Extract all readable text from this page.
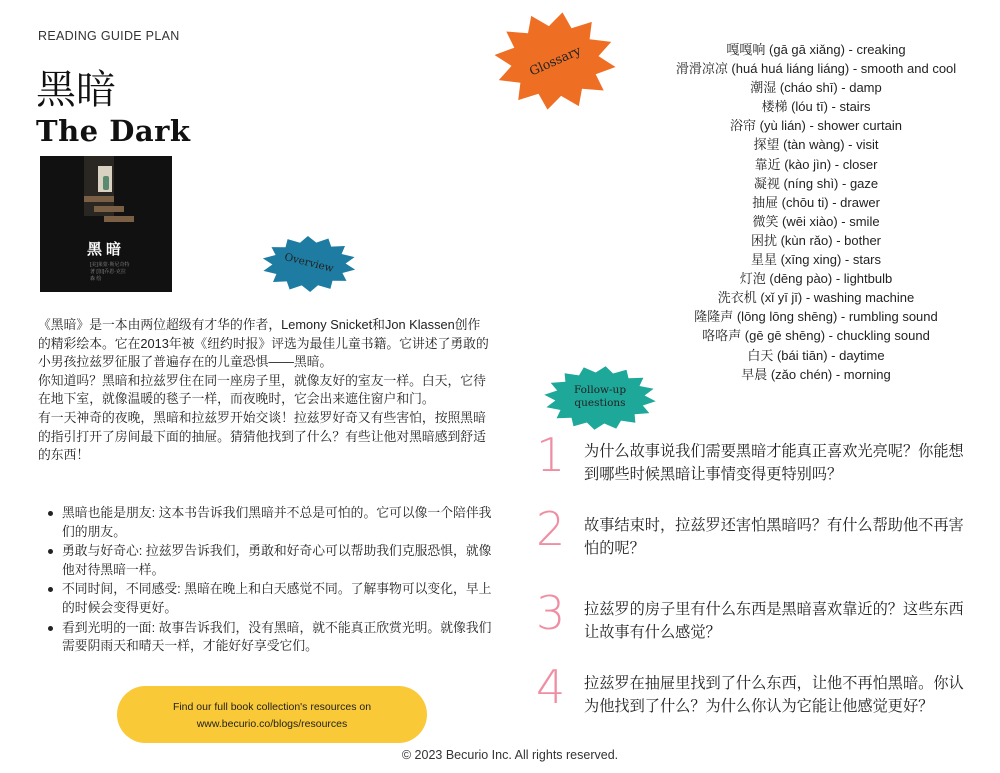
READING GUIDE PLAN
黑暗
The Dark
黑暗
[美]莱蒙·斯尼奇特 著 [加]乔恩·克拉森 绘
Overview
Glossary
Follow-up questions

《黑暗》是一本由两位超级有才华的作者，Lemony Snicket和Jon Klassen创作的精彩绘本。它在2013年被《纽约时报》评选为最佳儿童书籍。它讲述了勇敢的小男孩拉兹罗征服了普遍存在的儿童恐惧——黑暗。

你知道吗？黑暗和拉兹罗住在同一座房子里，就像友好的室友一样。白天，它待在地下室，就像温暖的毯子一样，而夜晚时，它会出来遮住窗户和门。

有一天神奇的夜晚，黑暗和拉兹罗开始交谈！拉兹罗好奇又有些害怕，按照黑暗的指引打开了房间最下面的抽屉。猜猜他找到了什么？有些让他对黑暗感到舒适的东西！

黑暗也能是朋友: 这本书告诉我们黑暗并不总是可怕的。它可以像一个陪伴我们的朋友。
勇敢与好奇心: 拉兹罗告诉我们，勇敢和好奇心可以帮助我们克服恐惧，就像他对待黑暗一样。
不同时间，不同感受: 黑暗在晚上和白天感觉不同。了解事物可以变化，早上的时候会变得更好。
看到光明的一面: 故事告诉我们，没有黑暗，就不能真正欣赏光明。就像我们需要阴雨天和晴天一样，才能好好享受它们。
Find our full book collection's resources on
www.becurio.co/blogs/resources
© 2023 Becurio Inc. All rights reserved.
嘎嘎响 (gā gā xiǎng) - creaking
滑滑凉凉 (huá huá liáng liáng) - smooth and cool
潮湿 (cháo shī) - damp
楼梯 (lóu tī) - stairs
浴帘 (yù lián) - shower curtain
探望 (tàn wàng) - visit
靠近 (kào jìn) - closer
凝视 (níng shì) - gaze
抽屉 (chōu ti) - drawer
微笑 (wēi xiào) - smile
困扰 (kùn rǎo) - bother
星星 (xīng xing) - stars
灯泡 (dēng pào) - lightbulb
洗衣机 (xǐ yī jī) - washing machine
隆隆声 (lōng lōng shēng) - rumbling sound
咯咯声 (gē gē shēng) - chuckling sound
白天 (bái tiān) - daytime
早晨 (zǎo chén) - morning
1 为什么故事说我们需要黑暗才能真正喜欢光亮呢？你能想到哪些时候黑暗让事情变得更特别吗？
2 故事结束时，拉兹罗还害怕黑暗吗？有什么帮助他不再害怕的呢？
3 拉兹罗的房子里有什么东西是黑暗喜欢靠近的？这些东西让故事有什么感觉？
4 拉兹罗在抽屉里找到了什么东西，让他不再怕黑暗。你认为他找到了什么？为什么你认为它能让他感觉更好？
